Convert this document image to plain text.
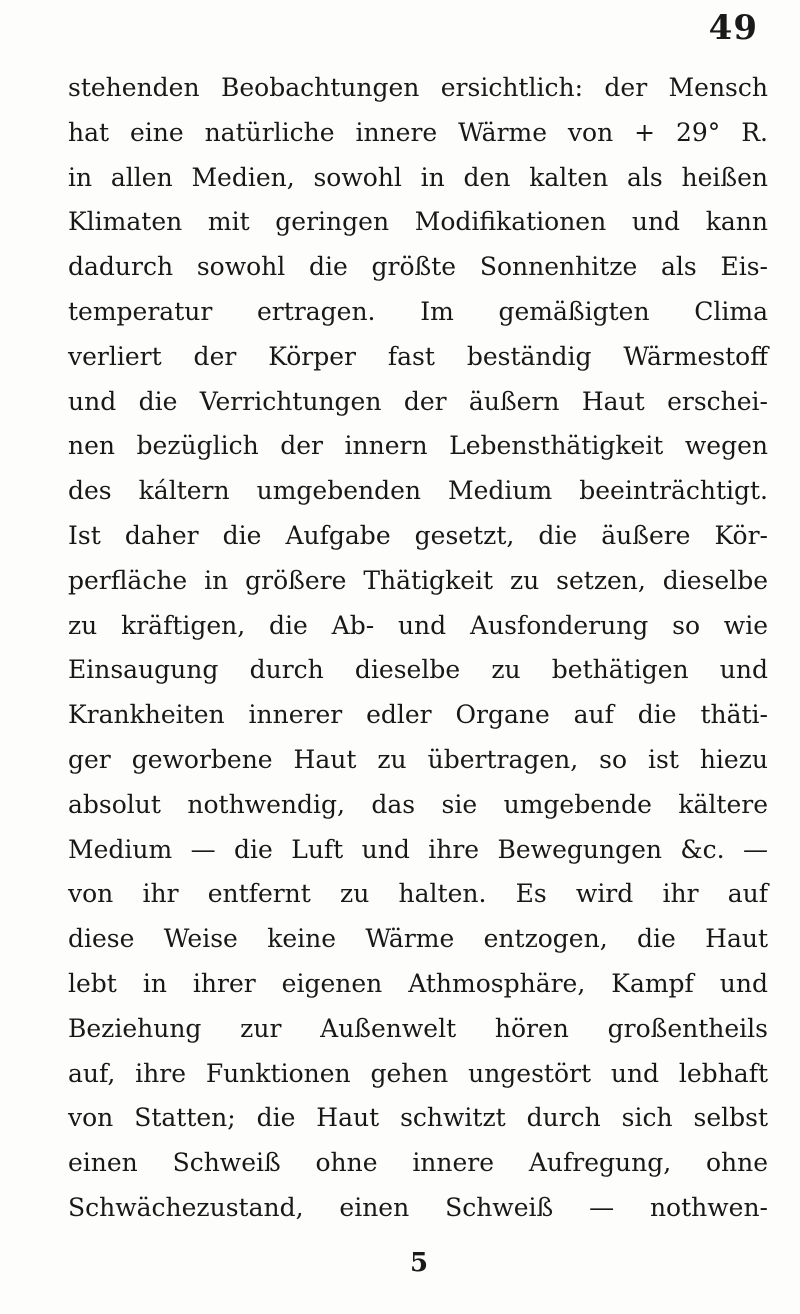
49
stehenden Beobachtungen ersichtlich: der Mensch
hat eine natürliche innere Wärme von + 29° R.
in allen Medien, sowohl in den kalten als heißen
Klimaten mit geringen Modifikationen und kann
dadurch sowohl die größte Sonnenhitze als Eis-
temperatur ertragen. Im gemäßigten Clima
verliert der Körper fast beständig Wärmestoff
und die Verrichtungen der äußern Haut erschei-
nen bezüglich der innern Lebensthätigkeit wegen
des káltern umgebenden Medium beeinträchtigt.
Ist daher die Aufgabe gesetzt, die äußere Kör-
perfläche in größere Thätigkeit zu setzen, dieselbe
zu kräftigen, die Ab- und Ausfonderung so wie
Einsaugung durch dieselbe zu bethätigen und
Krankheiten innerer edler Organe auf die thäti-
ger geworbene Haut zu übertragen, so ist hiezu
absolut nothwendig, das sie umgebende kältere
Medium — die Luft und ihre Bewegungen &c. —
von ihr entfernt zu halten. Es wird ihr auf
diese Weise keine Wärme entzogen, die Haut
lebt in ihrer eigenen Athmosphäre, Kampf und
Beziehung zur Außenwelt hören großentheils
auf, ihre Funktionen gehen ungestört und lebhaft
von Statten; die Haut schwitzt durch sich selbst
einen Schweiß ohne innere Aufregung, ohne
Schwächezustand, einen Schweiß — nothwen-
5
